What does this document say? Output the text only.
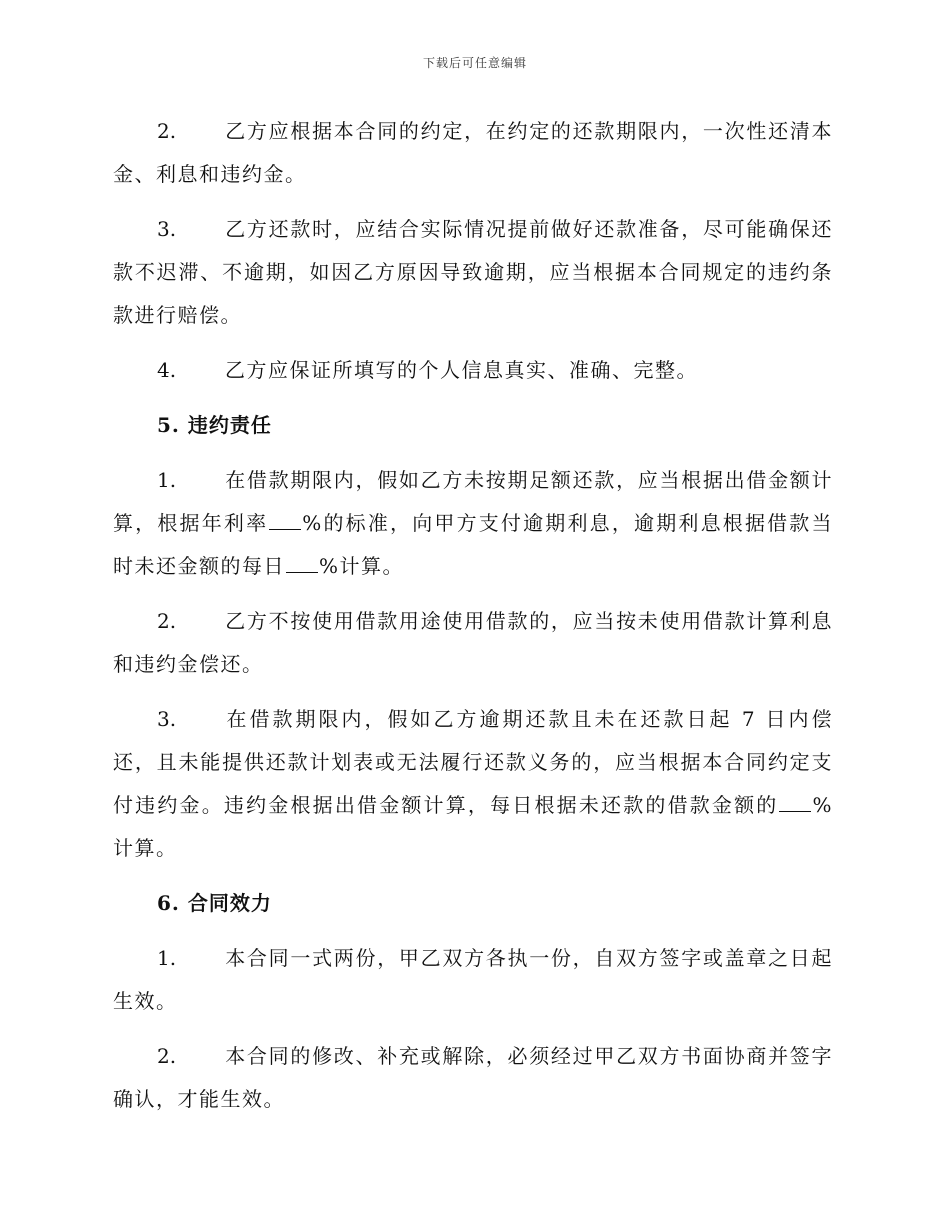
下载后可任意编辑

2. 乙方应根据本合同的约定，在约定的还款期限内，一次性还清本金、利息和违约金。

3. 乙方还款时，应结合实际情况提前做好还款准备，尽可能确保还款不迟滞、不逾期，如因乙方原因导致逾期，应当根据本合同规定的违约条款进行赔偿。

4. 乙方应保证所填写的个人信息真实、准确、完整。

5. 违约责任

1. 在借款期限内，假如乙方未按期足额还款，应当根据出借金额计算，根据年利率 %的标准，向甲方支付逾期利息，逾期利息根据借款当时未还金额的每日 %计算。

2. 乙方不按使用借款用途使用借款的，应当按未使用借款计算利息和违约金偿还。

3. 在借款期限内，假如乙方逾期还款且未在还款日起 7 日内偿还，且未能提供还款计划表或无法履行还款义务的，应当根据本合同约定支付违约金。违约金根据出借金额计算，每日根据未还款的借款金额的 %计算。

6. 合同效力

1. 本合同一式两份，甲乙双方各执一份，自双方签字或盖章之日起生效。

2. 本合同的修改、补充或解除，必须经过甲乙双方书面协商并签字确认，才能生效。
